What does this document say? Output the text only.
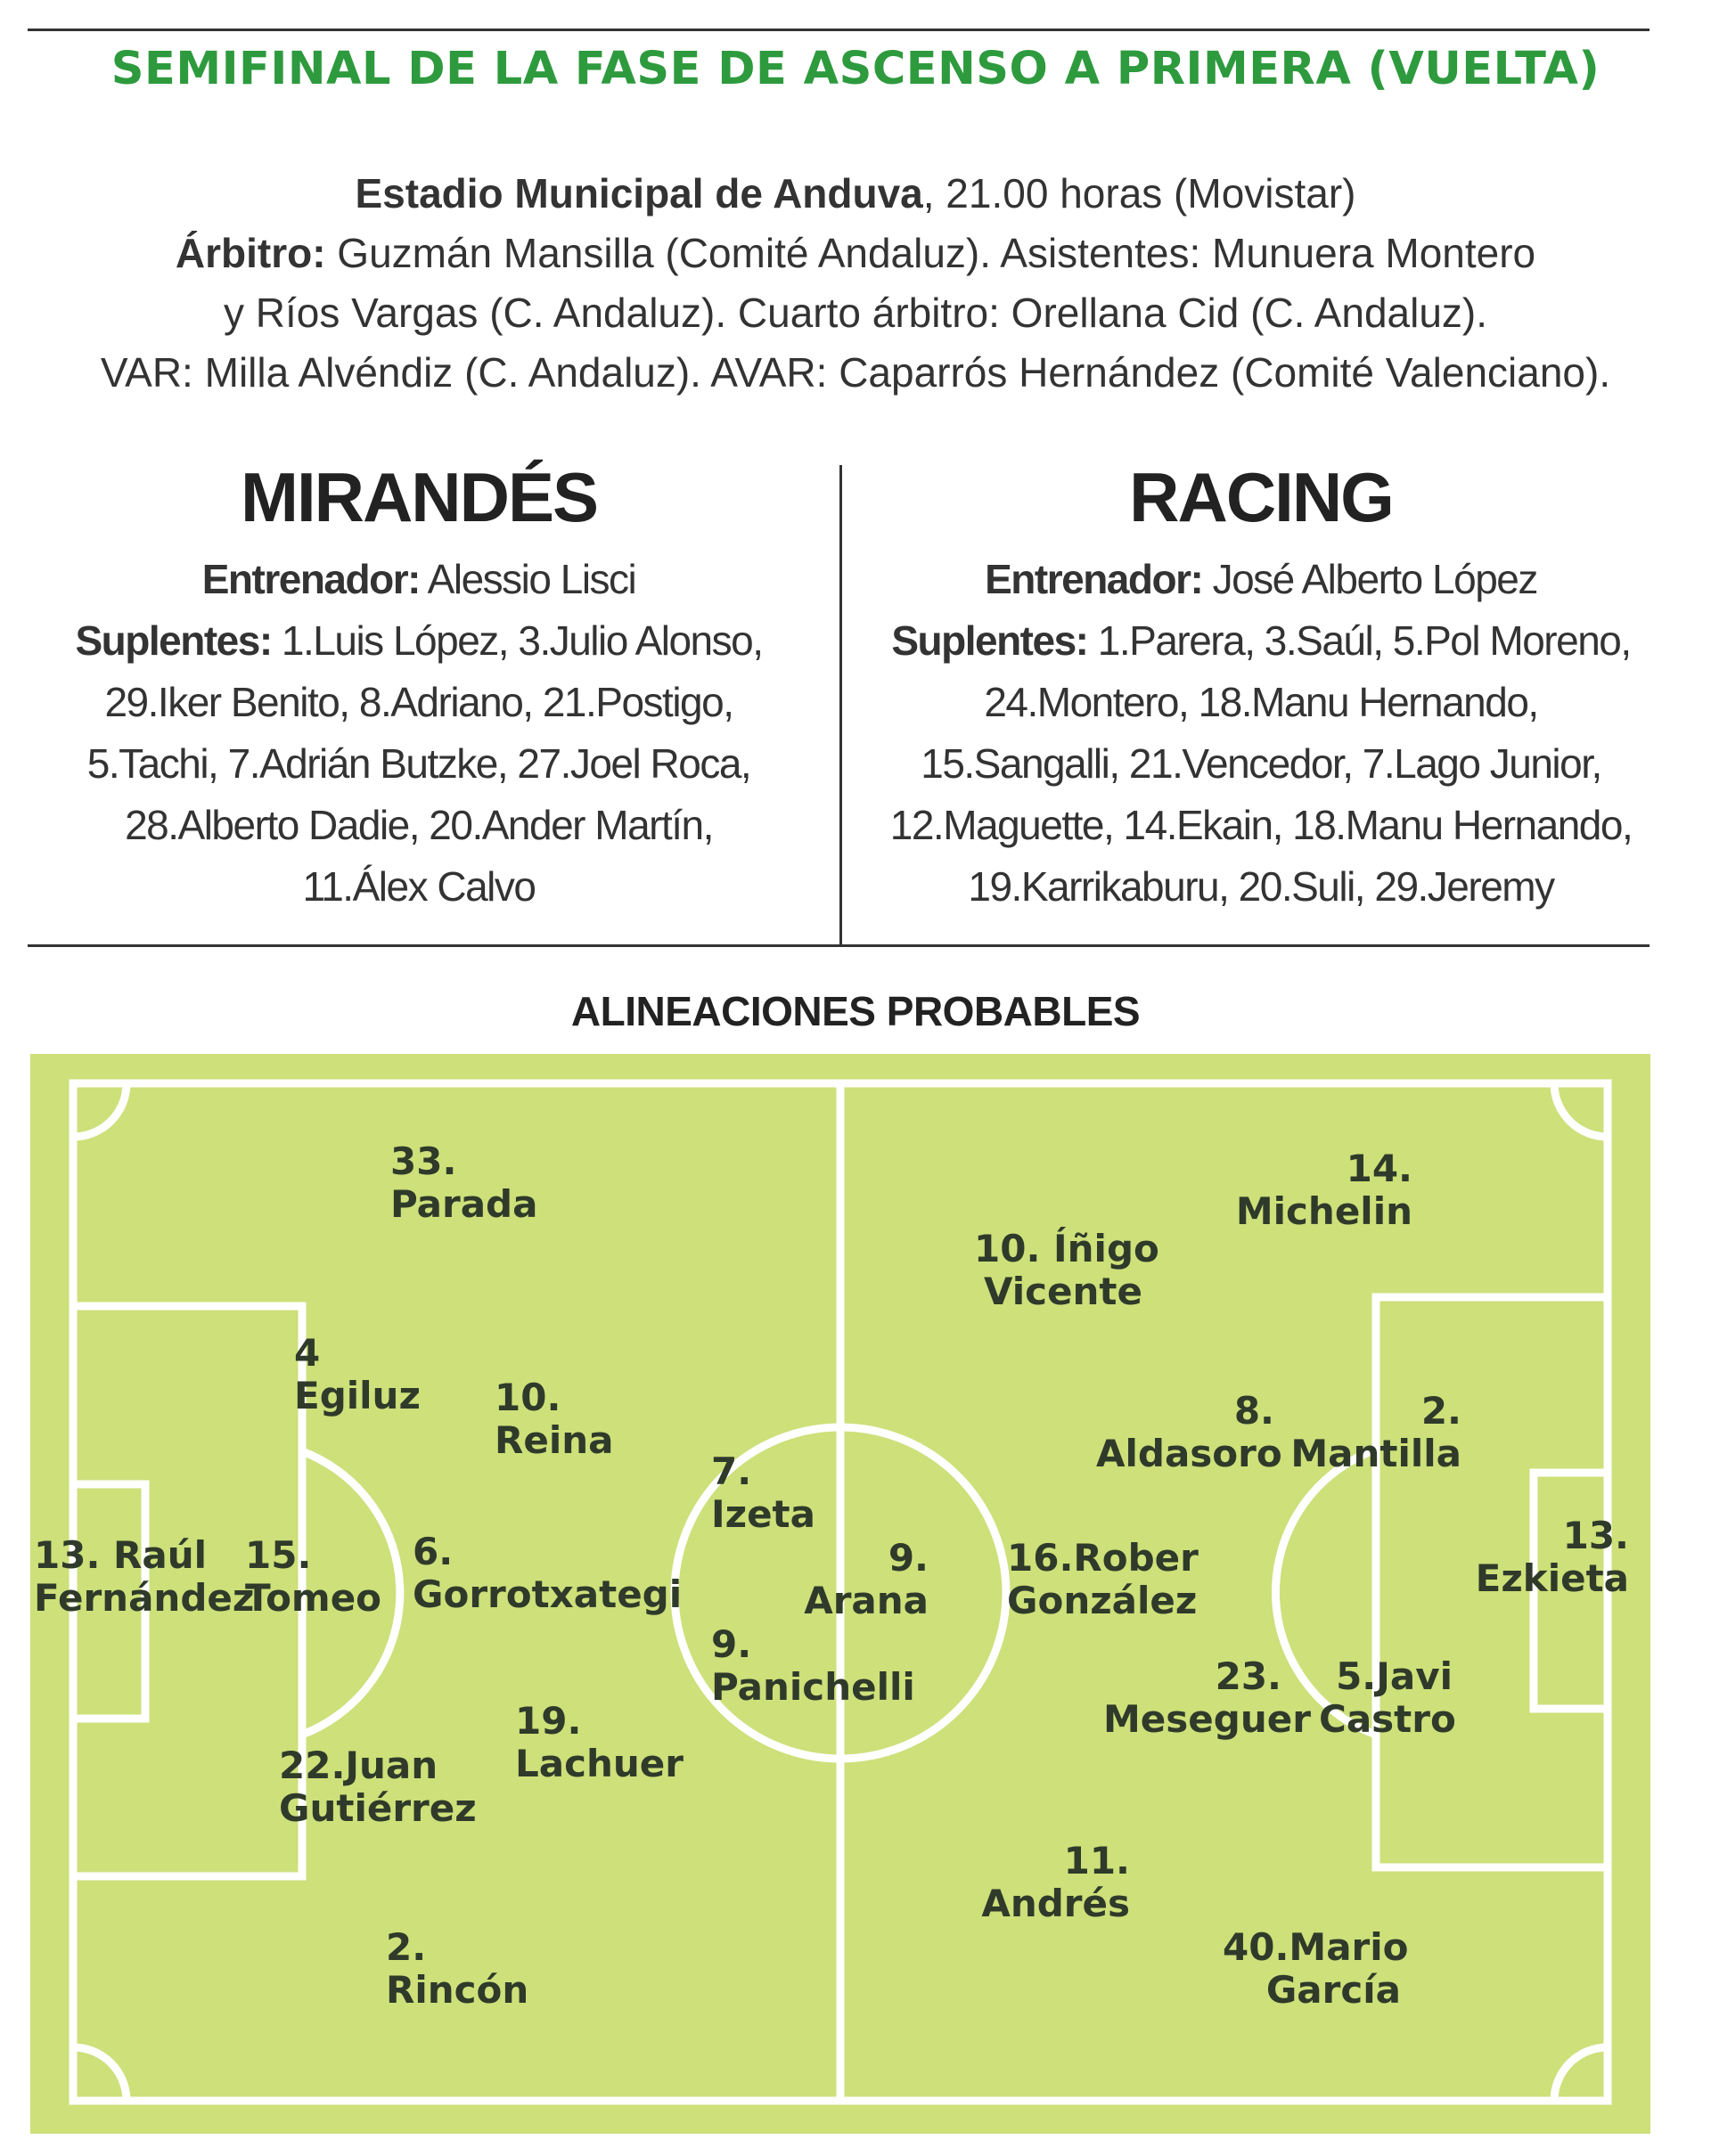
SEMIFINAL DE LA FASE DE ASCENSO A PRIMERA (VUELTA)
Estadio Municipal de Anduva, 21.00 horas (Movistar)
Árbitro: Guzmán Mansilla (Comité Andaluz). Asistentes: Munuera Montero
y Ríos Vargas (C. Andaluz). Cuarto árbitro: Orellana Cid (C. Andaluz).
VAR: Milla Alvéndiz (C. Andaluz). AVAR: Caparrós Hernández (Comité Valenciano).
MIRANDÉS
Entrenador: Alessio Lisci
Suplentes: 1.Luis López, 3.Julio Alonso,
29.Iker Benito, 8.Adriano, 21.Postigo,
5.Tachi, 7.Adrián Butzke, 27.Joel Roca,
28.Alberto Dadie, 20.Ander Martín,
11.Álex Calvo
RACING
Entrenador: José Alberto López
Suplentes: 1.Parera, 3.Saúl, 5.Pol Moreno,
24.Montero, 18.Manu Hernando,
15.Sangalli, 21.Vencedor, 7.Lago Junior,
12.Maguette, 14.Ekain, 18.Manu Hernando,
19.Karrikaburu, 20.Suli, 29.Jeremy
ALINEACIONES PROBABLES
33.
Parada
4
Egiluz 10.
Reina
13. Raúl
Fernández
15.
Tomeo
6.
Gorrotxategi
7.
Izeta
9.
Panichelli
19.
Lachuer
22.Juan
Gutiérrez
2.
Rincón
14.
Michelin
10. Íñigo
Vicente
8.
Aldasoro
2.
Mantilla
9.
Arana
16.Rober
González
13.
Ezkieta
23.
Meseguer
5.Javi
Castro
11.
Andrés
40.Mario
García
